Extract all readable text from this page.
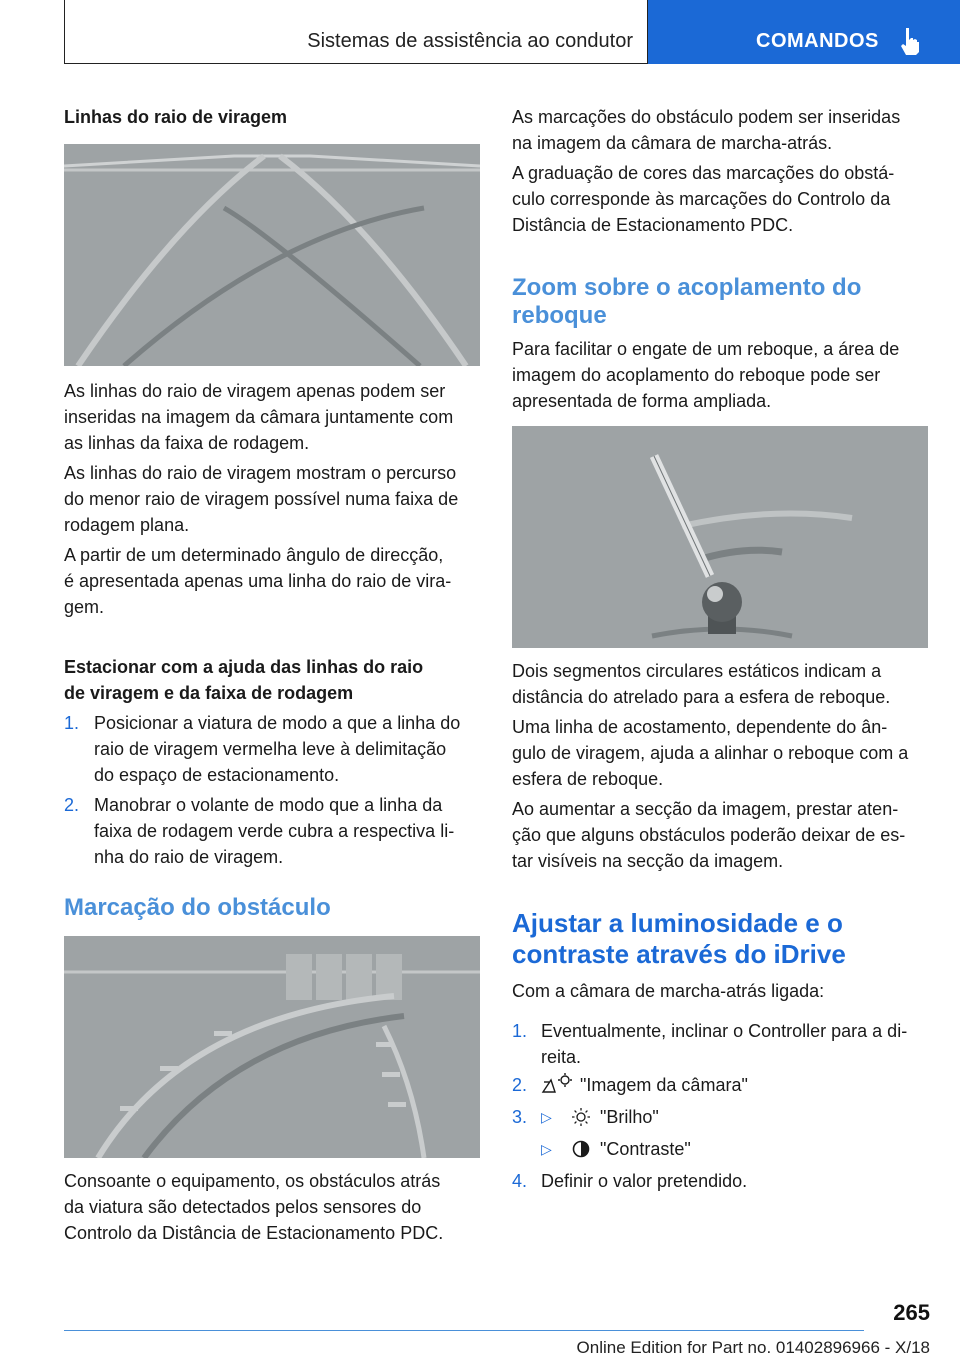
Sistemas de assistência ao condutor	COMANDOS
Linhas do raio de viragem
As linhas do raio de viragem apenas podem ser
inseridas na imagem da câmara juntamente com
as linhas da faixa de rodagem.
As linhas do raio de viragem mostram o percurso
do menor raio de viragem possível numa faixa de
rodagem plana.
A partir de um determinado ângulo de direcção,
é apresentada apenas uma linha do raio de vira-
gem.
Estacionar com a ajuda das linhas do raio
de viragem e da faixa de rodagem
1. Posicionar a viatura de modo a que a linha do
raio de viragem vermelha leve à delimitação
do espaço de estacionamento.
2. Manobrar o volante de modo que a linha da
faixa de rodagem verde cubra a respectiva li-
nha do raio de viragem.
Marcação do obstáculo
Consoante o equipamento, os obstáculos atrás
da viatura são detectados pelos sensores do
Controlo da Distância de Estacionamento PDC.
As marcações do obstáculo podem ser inseridas
na imagem da câmara de marcha-atrás.
A graduação de cores das marcações do obstá-
culo corresponde às marcações do Controlo da
Distância de Estacionamento PDC.
Zoom sobre o acoplamento do
reboque
Para facilitar o engate de um reboque, a área de
imagem do acoplamento do reboque pode ser
apresentada de forma ampliada.
Dois segmentos circulares estáticos indicam a
distância do atrelado para a esfera de reboque.
Uma linha de acostamento, dependente do ân-
gulo de viragem, ajuda a alinhar o reboque com a
esfera de reboque.
Ao aumentar a secção da imagem, prestar aten-
ção que alguns obstáculos poderão deixar de es-
tar visíveis na secção da imagem.
Ajustar a luminosidade e o
contraste através do iDrive
Com a câmara de marcha-atrás ligada:
1. Eventualmente, inclinar o Controller para a di-
reita.
2.	"Imagem da câmara"
3. ▷	"Brilho"
▷	"Contraste"
4. Definir o valor pretendido.
265
Online Edition for Part no. 01402896966 - X/18
